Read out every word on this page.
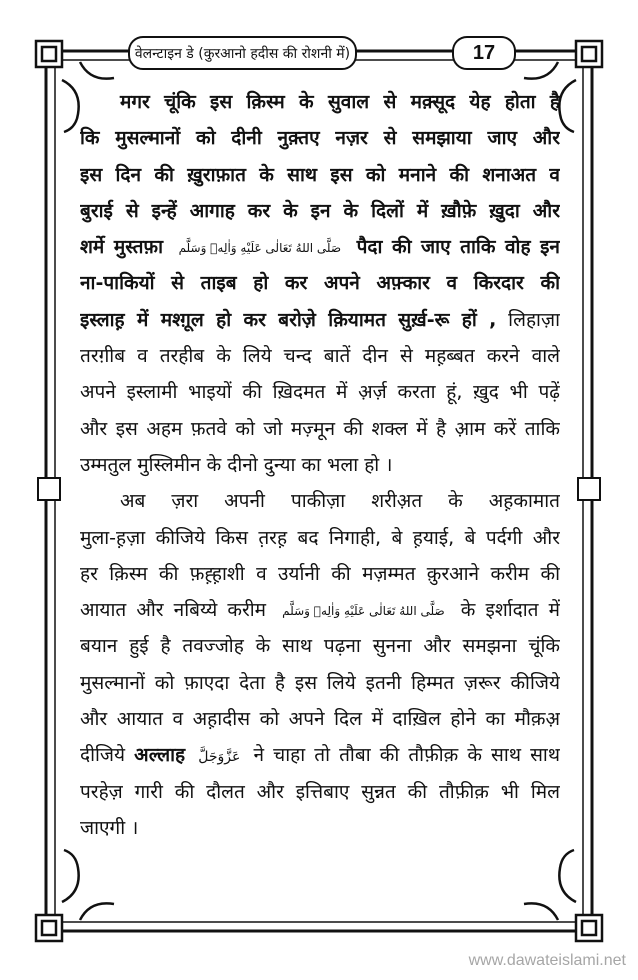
वेलन्टाइन डे (कुरआनो हदीस की रोशनी में)	17
मगर चूंकि इस क़िस्म के सुवाल से मक़्सूद येह होता है
कि मुसल्मानों को दीनी नुक़्तए नज़र से समझाया जाए और
इस दिन की ख़ुराफ़ात के साथ इस को मनाने की शनाअत व
बुराई से इन्हें आगाह कर के इन के दिलों में ख़ौफ़े ख़ुदा और
शर्मे मुस्तफ़ा صَلَّى اللهُ تَعَالٰى عَلَيْهِ وَاٰلِهٖ وَسَلَّم पैदा की जाए ताकि वोह इन
ना-पाकियों से ताइब हो कर अपने अफ़्कार व किरदार की
इस्लाह़ में मश्ग़ूल हो कर बरोज़े क़ियामत सुर्ख़-रू हों , लिहाज़ा
तरग़ीब व तरहीब के लिये चन्द बातें दीन से मह़ब्बत करने वाले
अपने इस्लामी भाइयों की ख़िदमत में अ़र्ज़ करता हूं, ख़ुद भी पढ़ें
और इस अहम फ़तवे को जो मज़्मून की शक्ल में है आ़म करें ताकि
उम्मतुल मुस्लिमीन के दीनो दुन्या का भला हो ।
अब ज़रा अपनी पाकीज़ा शरीअ़त के अह़कामात
मुला-ह़ज़ा कीजिये किस त़रह़ बद निगाही, बे ह़याई, बे पर्दगी और
हर क़िस्म की फ़ह़्ह़ाशी व उर्यानी की मज़म्मत क़ुरआने करीम की
आयात और नबिय्ये करीम صَلَّى اللهُ تَعَالٰى عَلَيْهِ وَاٰلِهٖ وَسَلَّم के इर्शादात में
बयान हुई है तवज्जोह के साथ पढ़ना सुनना और समझना चूंकि
मुसल्मानों को फ़ाएदा देता है इस लिये इतनी हिम्मत ज़रूर कीजिये
और आयात व अह़ादीस को अपने दिल में दाख़िल होने का मौक़अ़
दीजिये अल्लाह عَزَّوَجَلَّ ने चाहा तो तौबा की तौफ़ीक़ के साथ साथ
परहेज़ गारी की दौलत और इत्तिबाए सुन्नत की तौफ़ीक़ भी मिल
जाएगी ।
www.dawateislami.net
